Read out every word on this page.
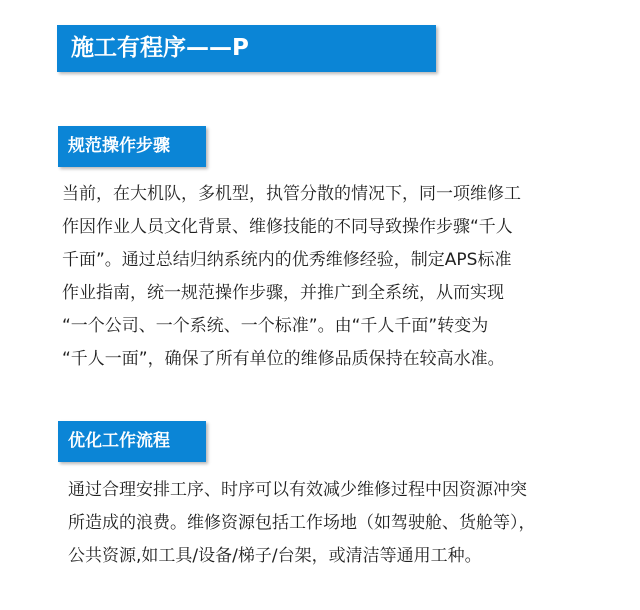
施工有程序——P
规范操作步骤
当前，在大机队，多机型，执管分散的情况下，同一项维修工
作因作业人员文化背景、维修技能的不同导致操作步骤“千人
千面”。通过总结归纳系统内的优秀维修经验，制定APS标准
作业指南，统一规范操作步骤，并推广到全系统，从而实现
“一个公司、一个系统、一个标准”。由“千人千面”转变为
“千人一面”，确保了所有单位的维修品质保持在较高水准。
优化工作流程
通过合理安排工序、时序可以有效减少维修过程中因资源冲突
所造成的浪费。维修资源包括工作场地（如驾驶舱、货舱等），
公共资源,如工具/设备/梯子/台架，或清洁等通用工种。
